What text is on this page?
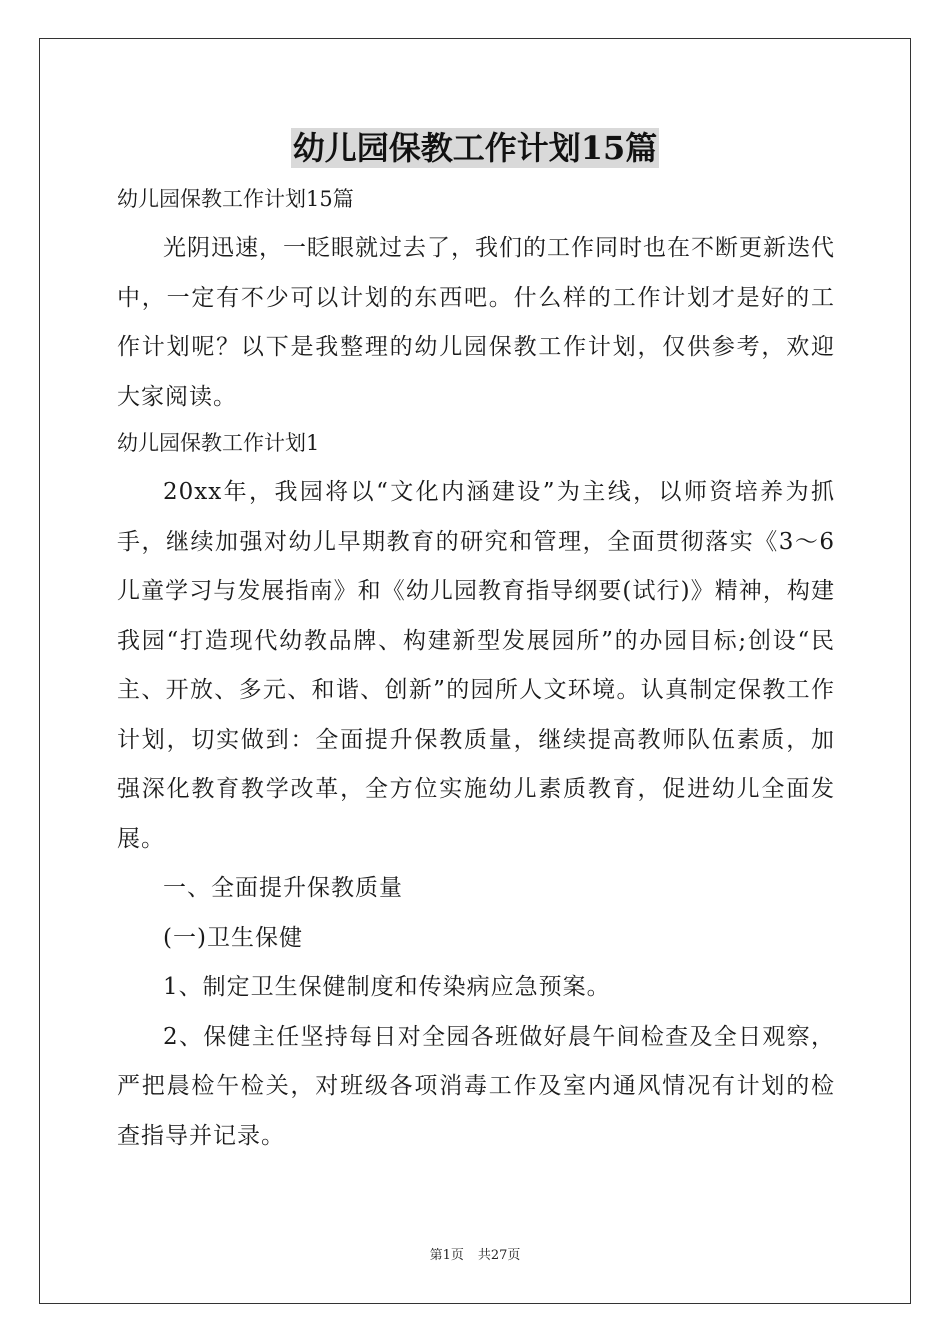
幼儿园保教工作计划15篇

幼儿园保教工作计划15篇

光阴迅速，一眨眼就过去了，我们的工作同时也在不断更新迭代中，一定有不少可以计划的东西吧。什么样的工作计划才是好的工作计划呢？以下是我整理的幼儿园保教工作计划，仅供参考，欢迎大家阅读。

幼儿园保教工作计划1

20xx年，我园将以“文化内涵建设”为主线，以师资培养为抓手，继续加强对幼儿早期教育的研究和管理，全面贯彻落实《3～6儿童学习与发展指南》和《幼儿园教育指导纲要(试行)》精神，构建我园“打造现代幼教品牌、构建新型发展园所”的办园目标;创设“民主、开放、多元、和谐、创新”的园所人文环境。认真制定保教工作计划，切实做到：全面提升保教质量，继续提高教师队伍素质，加强深化教育教学改革，全方位实施幼儿素质教育，促进幼儿全面发展。

一、全面提升保教质量

(一)卫生保健

1、制定卫生保健制度和传染病应急预案。

2、保健主任坚持每日对全园各班做好晨午间检查及全日观察，严把晨检午检关，对班级各项消毒工作及室内通风情况有计划的检查指导并记录。

第1页 共27页
